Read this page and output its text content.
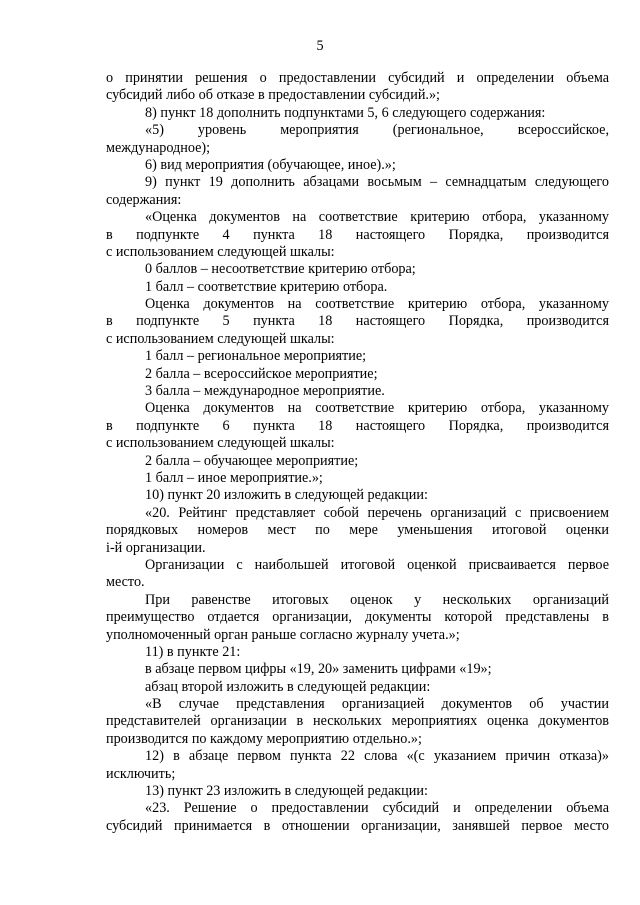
5
о принятии решения о предоставлении субсидий и определении объема
субсидий либо об отказе в предоставлении субсидий.»;
8) пункт 18 дополнить подпунктами 5, 6 следующего содержания:
«5) уровень мероприятия (региональное, всероссийское,
международное);
6) вид мероприятия (обучающее, иное).»;
9) пункт 19 дополнить абзацами восьмым – семнадцатым следующего
содержания:
«Оценка документов на соответствие критерию отбора, указанному
в подпункте 4 пункта 18 настоящего Порядка, производится
с использованием следующей шкалы:
0 баллов – несоответствие критерию отбора;
1 балл – соответствие критерию отбора.
Оценка документов на соответствие критерию отбора, указанному
в подпункте 5 пункта 18 настоящего Порядка, производится
с использованием следующей шкалы:
1 балл – региональное мероприятие;
2 балла – всероссийское мероприятие;
3 балла – международное мероприятие.
Оценка документов на соответствие критерию отбора, указанному
в подпункте 6 пункта 18 настоящего Порядка, производится
с использованием следующей шкалы:
2 балла – обучающее мероприятие;
1 балл – иное мероприятие.»;
10) пункт 20 изложить в следующей редакции:
«20. Рейтинг представляет собой перечень организаций с присвоением
порядковых номеров мест по мере уменьшения итоговой оценки
i-й организации.
Организации с наибольшей итоговой оценкой присваивается первое
место.
При равенстве итоговых оценок у нескольких организаций
преимущество отдается организации, документы которой представлены в
уполномоченный орган раньше согласно журналу учета.»;
11) в пункте 21:
в абзаце первом цифры «19, 20» заменить цифрами «19»;
абзац второй изложить в следующей редакции:
«В случае представления организацией документов об участии
представителей организации в нескольких мероприятиях оценка документов
производится по каждому мероприятию отдельно.»;
12) в абзаце первом пункта 22 слова «(с указанием причин отказа)»
исключить;
13) пункт 23 изложить в следующей редакции:
«23. Решение о предоставлении субсидий и определении объема
субсидий принимается в отношении организации, занявшей первое место
